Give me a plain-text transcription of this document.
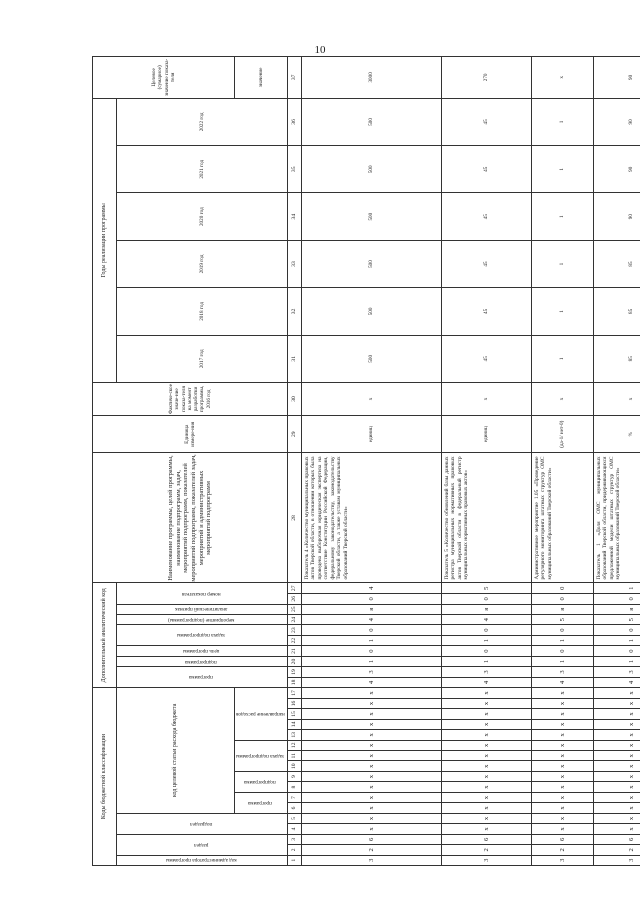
10
Коды бюджетной классификации																	Дополнительный аналитический код										Наименование программы, целей программы, наименование подпрограмм, задач, мероприятий подпрограмм, показателей мероприятий подпрограмм, показателей задач, мероприятий и административных мероприятий подпрограмм	Единица измере-ния	Фактиче-ское значе-ние показа-теля на момент разработки программы, 2016 год	Годы реализации программы						Целевое (сумарное) значение показа-теля
код администратора программы	раздел		подраздел		код целевой статьи расхода бюджета												программа		подпрограмма	цель программы	задача подпрограммы		мероприятие (подпрограммы)	аналитический признак	номер показателя					2017 год	2018 год	2019 год	2020 год	2021 год	2022 год	
					программа		подпрограмма		задача подпрограммы			направление расходов																								значение
1	2	3	4	5	6	7	8	9	10	11	12	13	14	15	16	17	18	19	20	21	22	23	24	25	26	27	28	29	30	31	32	33	34	35	36	37
3	2	6	x	x	x	x	x	x	x	x	x	x	x	x	x	x	4	3	1	0	1	0	4	я	0	4	Показатель 4 «Количество муниципальных правовых актов Тверской области, в отношении которых была проведена выборочная юридическая экспертиза на соответствие Конституции Российской Федерации, федеральному законодательству, законодательству Тверской области, а также уставам муниципальных образований Тверской области»	единиц	x	500	500	500	500	500	500	3000
3	2	6	x	x	x	x	x	x	x	x	x	x	x	x	x	x	4	3	1	0	1	0	4	я	0	5	Показатель 5 «Количество обновлений базы данных регистра муниципальных нормативных правовых актов Тверской области в федеральный регистр муниципальных нормативных правовых актов»	единиц	x	45	45	45	45	45	45	270
3	2	6	x	x	x	x	x	x	x	x	x	x	x	x	x	x	4	3	1	0	1	0	5	я	0	0	Административное мероприятие 1.05 «Проведение регулярного мониторинга штатных структур ОМС муниципальных образований Тверской области»	(да-1/ нет-0)	x	1	1	1	1	1	1	x
3	2	6	x	x	x	x	x	x	x	x	x	x	x	x	x	x	4	3	1	0	1	0	5	я	0	1	Показатель 1 «Доля ОМС муниципальных образований Тверской области, придерживающихся предложенной модели штатных структур ОМС муниципальных образований Тверской области»	%	x	85	85	85	90	90	90	90
